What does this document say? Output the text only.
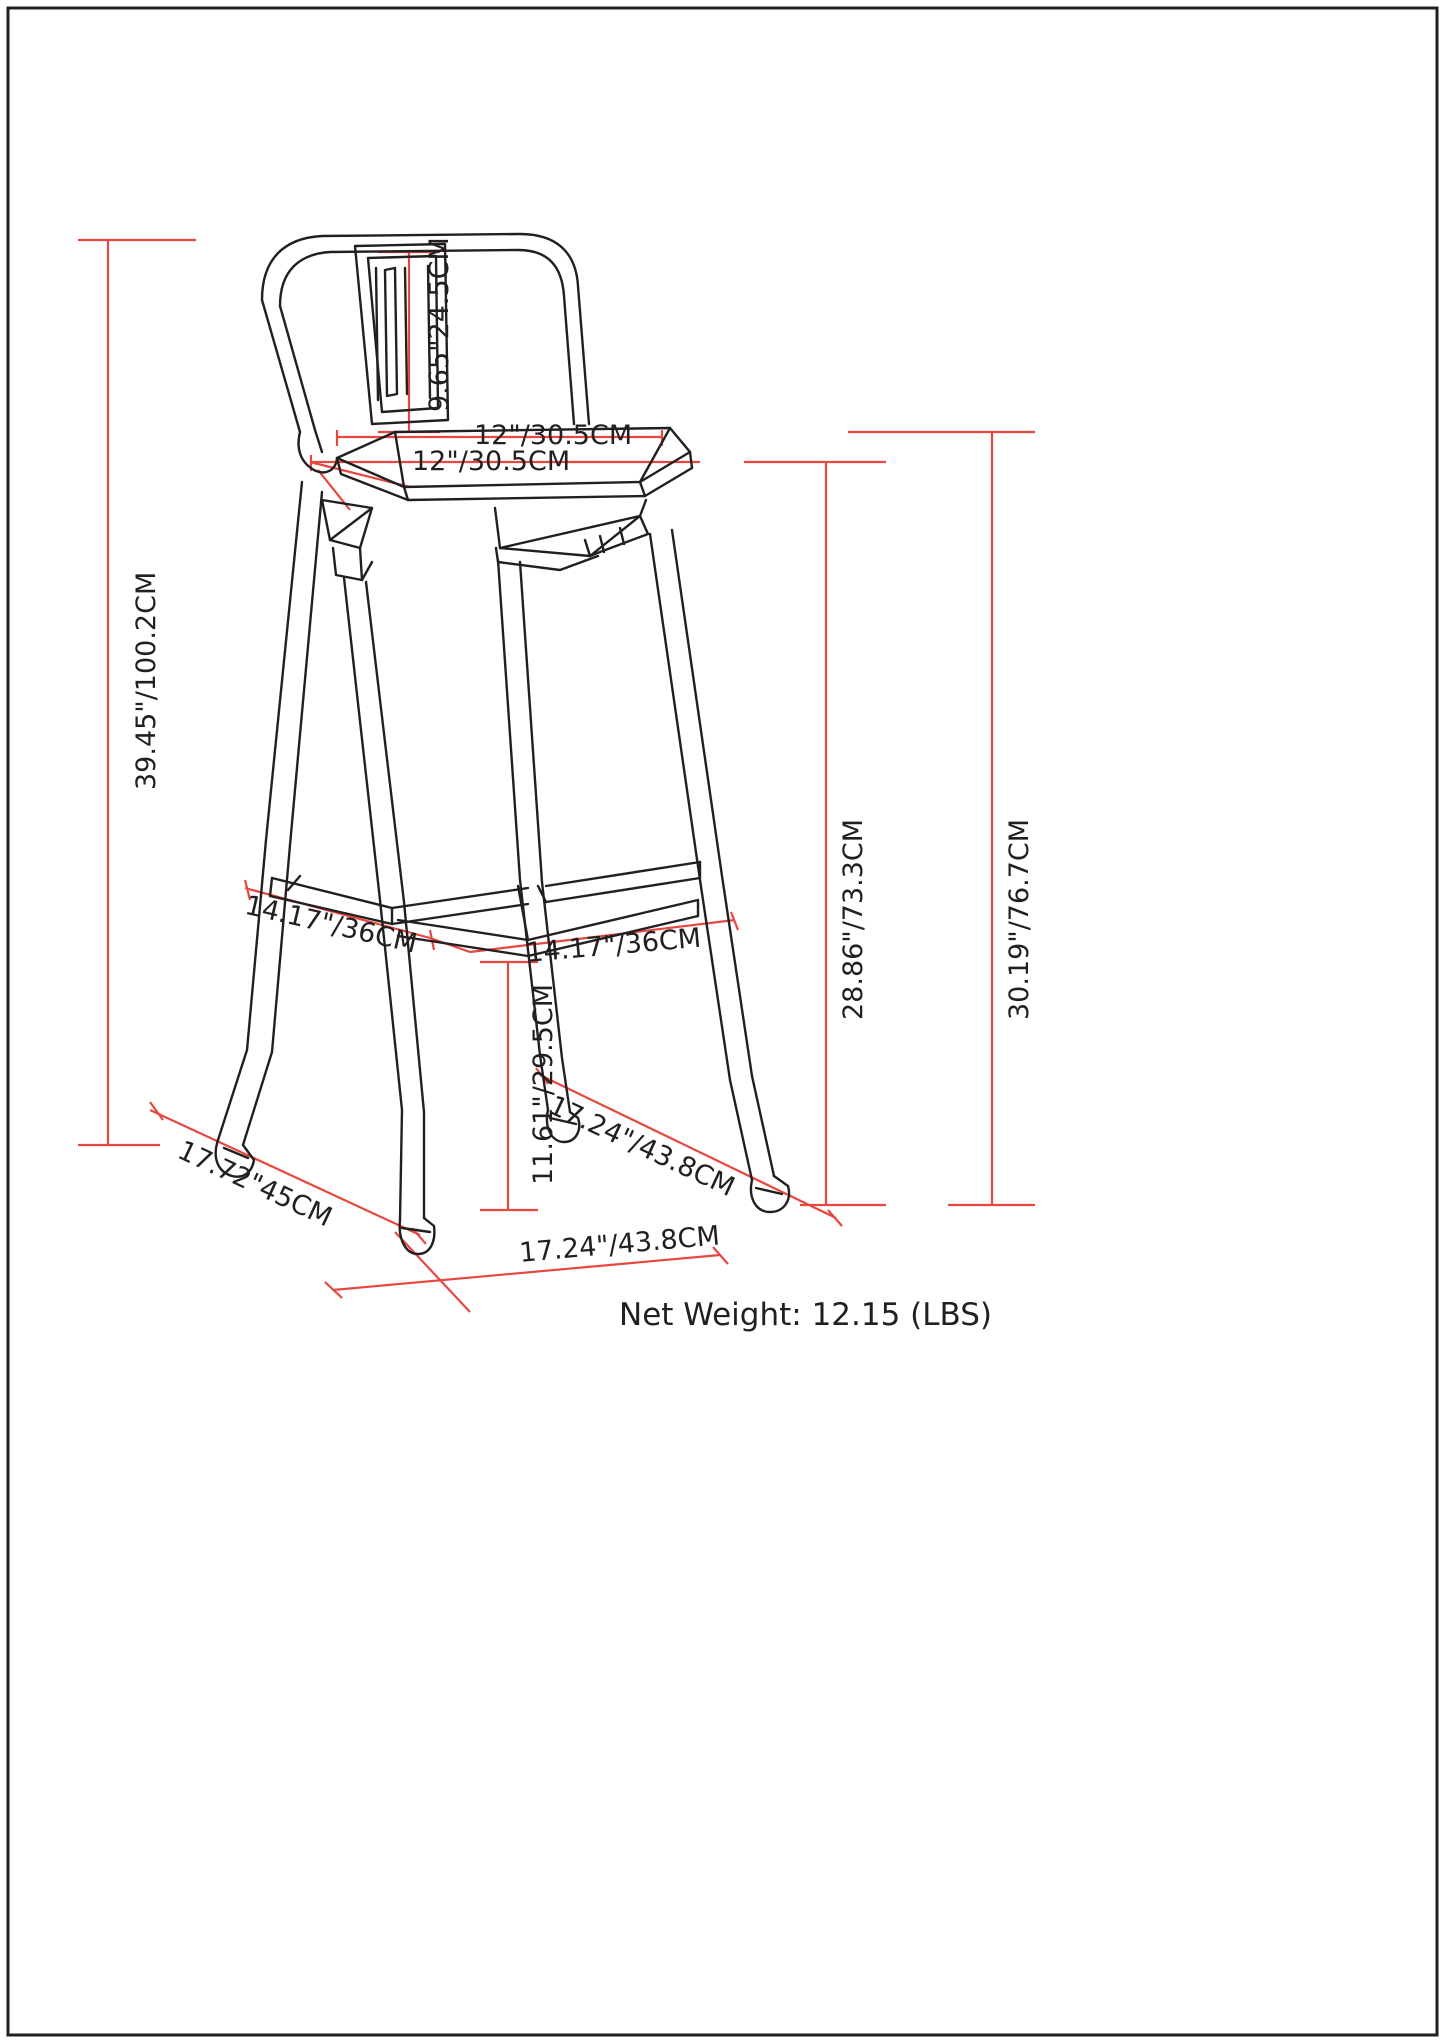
39.45"/100.2CM
9.65"24.5CM
12"/30.5CM
12"/30.5CM
14.17"/36CM	14.17"/36CM
11.61"/29.5CM
17.24"/43.8CM
17.72"45CM
17.24"/43.8CM
28.86"/73.3CM	30.19"/76.7CM
Net Weight: 12.15 (LBS)
